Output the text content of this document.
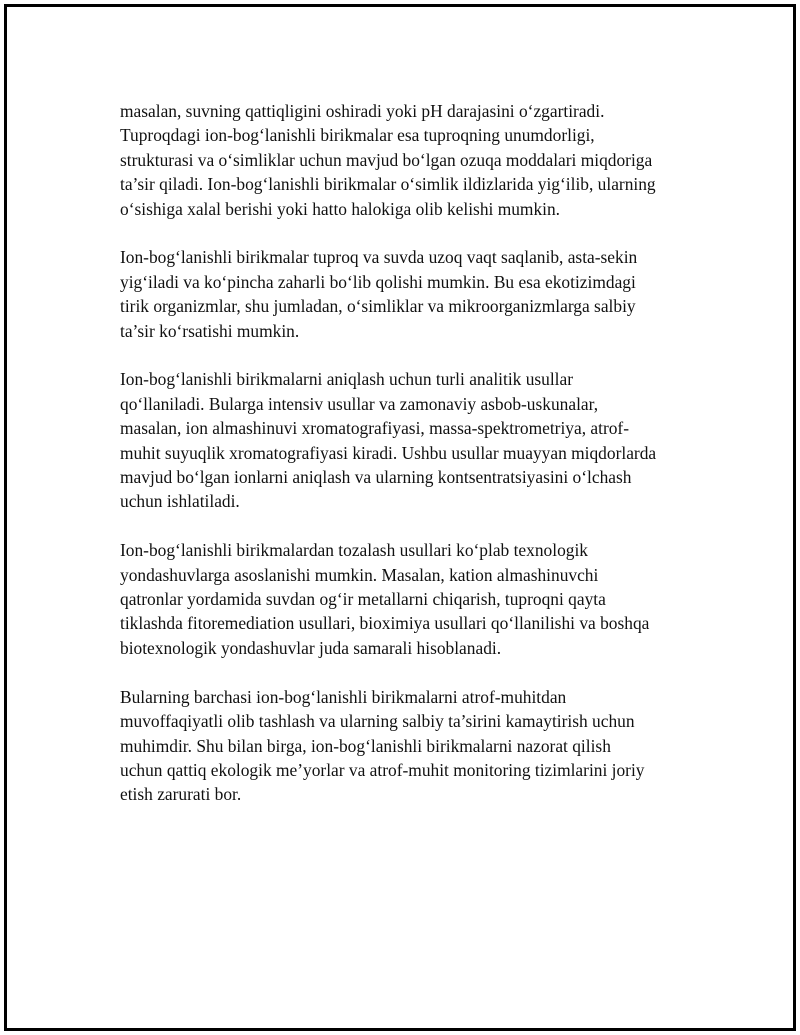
masalan, suvning qattiqligini oshiradi yoki pH darajasini o‘zgartiradi.
Tuproqdagi ion-bog‘lanishli birikmalar esa tuproqning unumdorligi,
strukturasi va o‘simliklar uchun mavjud bo‘lgan ozuqa moddalari miqdoriga
ta’sir qiladi. Ion-bog‘lanishli birikmalar o‘simlik ildizlarida yig‘ilib, ularning
o‘sishiga xalal berishi yoki hatto halokiga olib kelishi mumkin.

Ion-bog‘lanishli birikmalar tuproq va suvda uzoq vaqt saqlanib, asta-sekin
yig‘iladi va ko‘pincha zaharli bo‘lib qolishi mumkin. Bu esa ekotizimdagi
tirik organizmlar, shu jumladan, o‘simliklar va mikroorganizmlarga salbiy
ta’sir ko‘rsatishi mumkin.

Ion-bog‘lanishli birikmalarni aniqlash uchun turli analitik usullar
qo‘llaniladi. Bularga intensiv usullar va zamonaviy asbob-uskunalar,
masalan, ion almashinuvi xromatografiyasi, massa-spektrometriya, atrof-
muhit suyuqlik xromatografiyasi kiradi. Ushbu usullar muayyan miqdorlarda
mavjud bo‘lgan ionlarni aniqlash va ularning kontsentratsiyasini o‘lchash
uchun ishlatiladi.

Ion-bog‘lanishli birikmalardan tozalash usullari ko‘plab texnologik
yondashuvlarga asoslanishi mumkin. Masalan, kation almashinuvchi
qatronlar yordamida suvdan og‘ir metallarni chiqarish, tuproqni qayta
tiklashda fitoremediation usullari, bioximiya usullari qo‘llanilishi va boshqa
biotexnologik yondashuvlar juda samarali hisoblanadi.

Bularning barchasi ion-bog‘lanishli birikmalarni atrof-muhitdan
muvoffaqiyatli olib tashlash va ularning salbiy ta’sirini kamaytirish uchun
muhimdir. Shu bilan birga, ion-bog‘lanishli birikmalarni nazorat qilish
uchun qattiq ekologik me’yorlar va atrof-muhit monitoring tizimlarini joriy
etish zarurati bor.
